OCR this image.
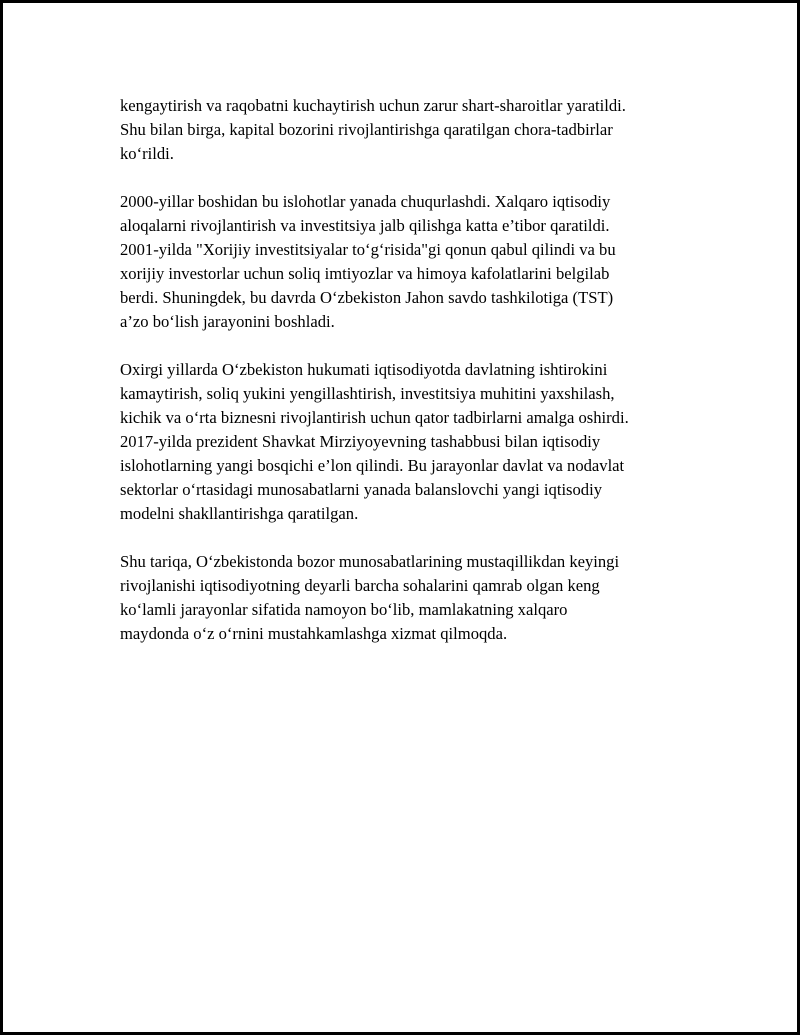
kengaytirish va raqobatni kuchaytirish uchun zarur shart-sharoitlar yaratildi.
Shu bilan birga, kapital bozorini rivojlantirishga qaratilgan chora-tadbirlar
ko‘rildi.

2000-yillar boshidan bu islohotlar yanada chuqurlashdi. Xalqaro iqtisodiy
aloqalarni rivojlantirish va investitsiya jalb qilishga katta e’tibor qaratildi.
2001-yilda "Xorijiy investitsiyalar to‘g‘risida"gi qonun qabul qilindi va bu
xorijiy investorlar uchun soliq imtiyozlar va himoya kafolatlarini belgilab
berdi. Shuningdek, bu davrda O‘zbekiston Jahon savdo tashkilotiga (TST)
a’zo bo‘lish jarayonini boshladi.

Oxirgi yillarda O‘zbekiston hukumati iqtisodiyotda davlatning ishtirokini
kamaytirish, soliq yukini yengillashtirish, investitsiya muhitini yaxshilash,
kichik va o‘rta biznesni rivojlantirish uchun qator tadbirlarni amalga oshirdi.
2017-yilda prezident Shavkat Mirziyoyevning tashabbusi bilan iqtisodiy
islohotlarning yangi bosqichi e’lon qilindi. Bu jarayonlar davlat va nodavlat
sektorlar o‘rtasidagi munosabatlarni yanada balanslovchi yangi iqtisodiy
modelni shakllantirishga qaratilgan.

Shu tariqa, O‘zbekistonda bozor munosabatlarining mustaqillikdan keyingi
rivojlanishi iqtisodiyotning deyarli barcha sohalarini qamrab olgan keng
ko‘lamli jarayonlar sifatida namoyon bo‘lib, mamlakatning xalqaro
maydonda o‘z o‘rnini mustahkamlashga xizmat qilmoqda.
